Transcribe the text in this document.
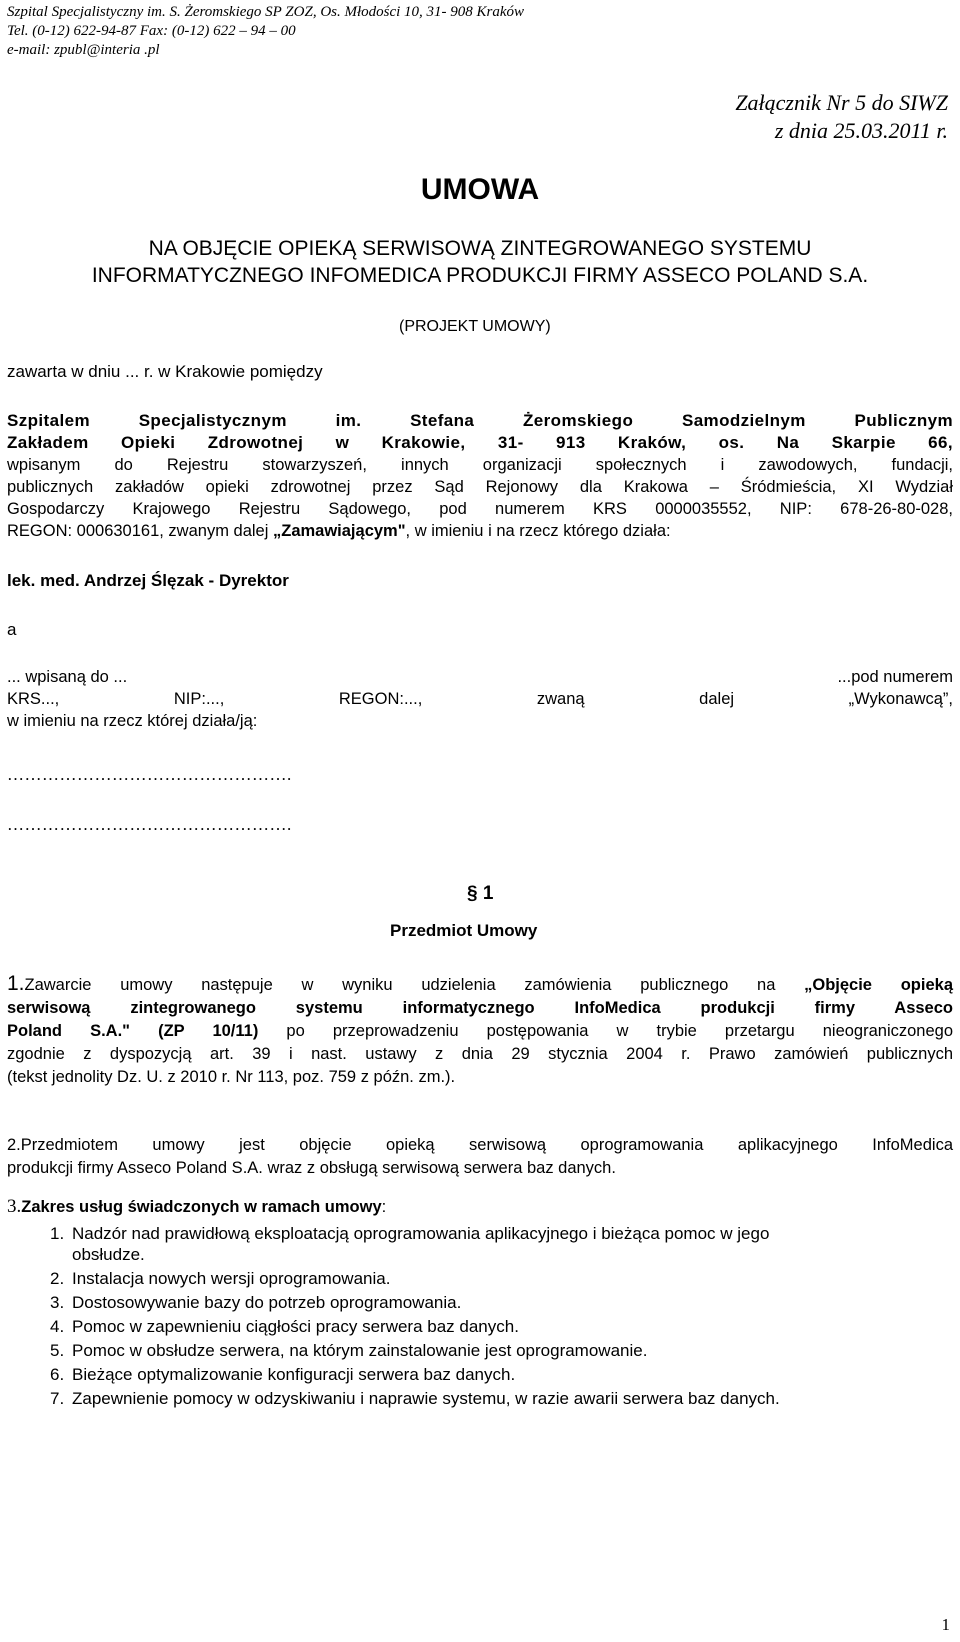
Szpital Specjalistyczny im. S. Żeromskiego SP ZOZ, Os. Młodości 10, 31- 908 Kraków
Tel. (0-12) 622-94-87 Fax: (0-12) 622 – 94 – 00
e-mail: zpubl@interia .pl
Załącznik Nr 5 do SIWZ
z dnia 25.03.2011 r.
UMOWA
NA OBJĘCIE OPIEKĄ SERWISOWĄ ZINTEGROWANEGO SYSTEMU
INFORMATYCZNEGO INFOMEDICA PRODUKCJI FIRMY ASSECO POLAND S.A.
(PROJEKT UMOWY)
zawarta w dniu ... r. w Krakowie pomiędzy
Szpitalem Specjalistycznym im. Stefana Żeromskiego Samodzielnym Publicznym
Zakładem Opieki Zdrowotnej w Krakowie, 31- 913 Kraków, os. Na Skarpie 66,
wpisanym do Rejestru stowarzyszeń, innych organizacji społecznych i zawodowych, fundacji,
publicznych zakładów opieki zdrowotnej przez Sąd Rejonowy dla Krakowa – Śródmieścia, XI Wydział
Gospodarczy Krajowego Rejestru Sądowego, pod numerem KRS 0000035552, NIP: 678-26-80-028,
REGON: 000630161, zwanym dalej „Zamawiającym", w imieniu i na rzecz którego działa:
lek. med. Andrzej Ślęzak - Dyrektor
a
... wpisaną do ...	...pod numerem
KRS..., NIP:..., REGON:..., zwaną dalej „Wykonawcą”,
w imieniu na rzecz której działa/ją:
………………………………………….
………………………………………….
§ 1
Przedmiot Umowy
1.Zawarcie umowy następuje w wyniku udzielenia zamówienia publicznego na „Objęcie opieką
serwisową zintegrowanego systemu informatycznego InfoMedica produkcji firmy Asseco
Poland S.A." (ZP 10/11) po przeprowadzeniu postępowania w trybie przetargu nieograniczonego
zgodnie z dyspozycją art. 39 i nast. ustawy z dnia 29 stycznia 2004 r. Prawo zamówień publicznych
(tekst jednolity Dz. U. z 2010 r. Nr 113, poz. 759 z późn. zm.).
2.Przedmiotem umowy jest objęcie opieką serwisową oprogramowania aplikacyjnego InfoMedica
produkcji firmy Asseco Poland S.A. wraz z obsługą serwisową serwera baz danych.
3.Zakres usług świadczonych w ramach umowy:
1. Nadzór nad prawidłową eksploatacją oprogramowania aplikacyjnego i bieżąca pomoc w jego
obsłudze.
2. Instalacja nowych wersji oprogramowania.
3. Dostosowywanie bazy do potrzeb oprogramowania.
4. Pomoc w zapewnieniu ciągłości pracy serwera baz danych.
5. Pomoc w obsłudze serwera, na którym zainstalowanie jest oprogramowanie.
6. Bieżące optymalizowanie konfiguracji serwera baz danych.
7. Zapewnienie pomocy w odzyskiwaniu i naprawie systemu, w razie awarii serwera baz danych.
1
